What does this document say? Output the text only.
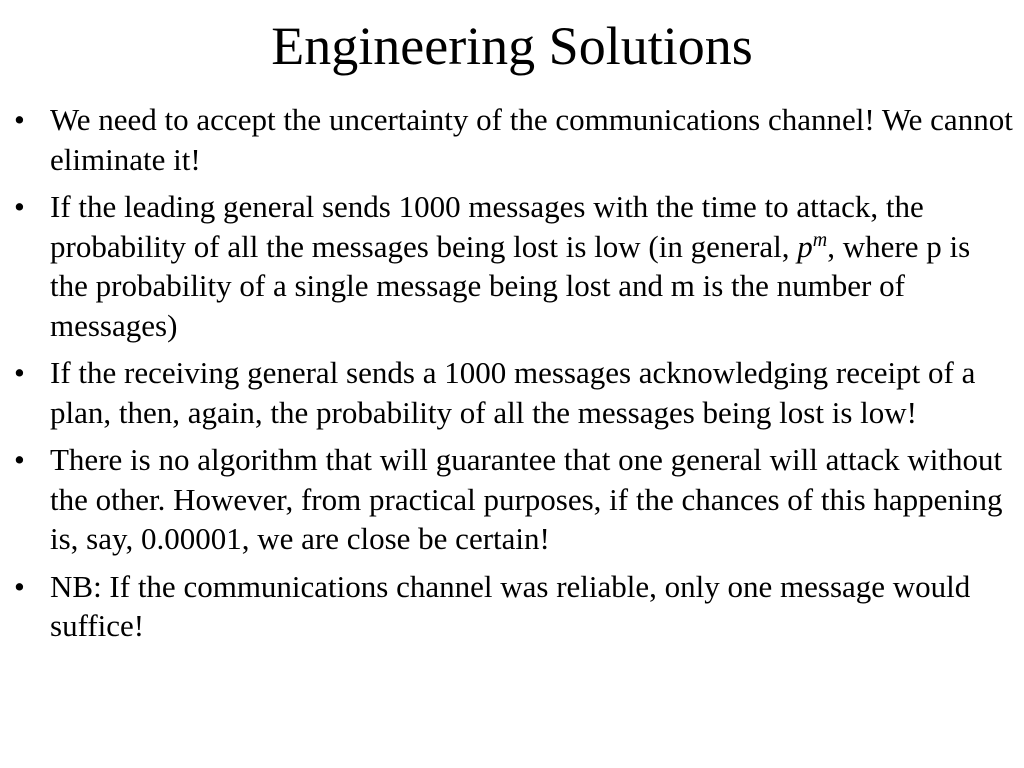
Engineering Solutions
• We need to accept the uncertainty of the communications channel! We cannot eliminate it!
• If the leading general sends 1000 messages with the time to attack, the probability of all the messages being lost is low (in general, $p^m$, where p is the probability of a single message being lost and m is the number of messages)
• If the receiving general sends a 1000 messages acknowledging receipt of a plan, then, again, the probability of all the messages being lost is low!
• There is no algorithm that will guarantee that one general will attack without the other. However, from practical purposes, if the chances of this happening is, say, 0.00001, we are close be certain!
• NB: If the communications channel was reliable, only one message would suffice!
